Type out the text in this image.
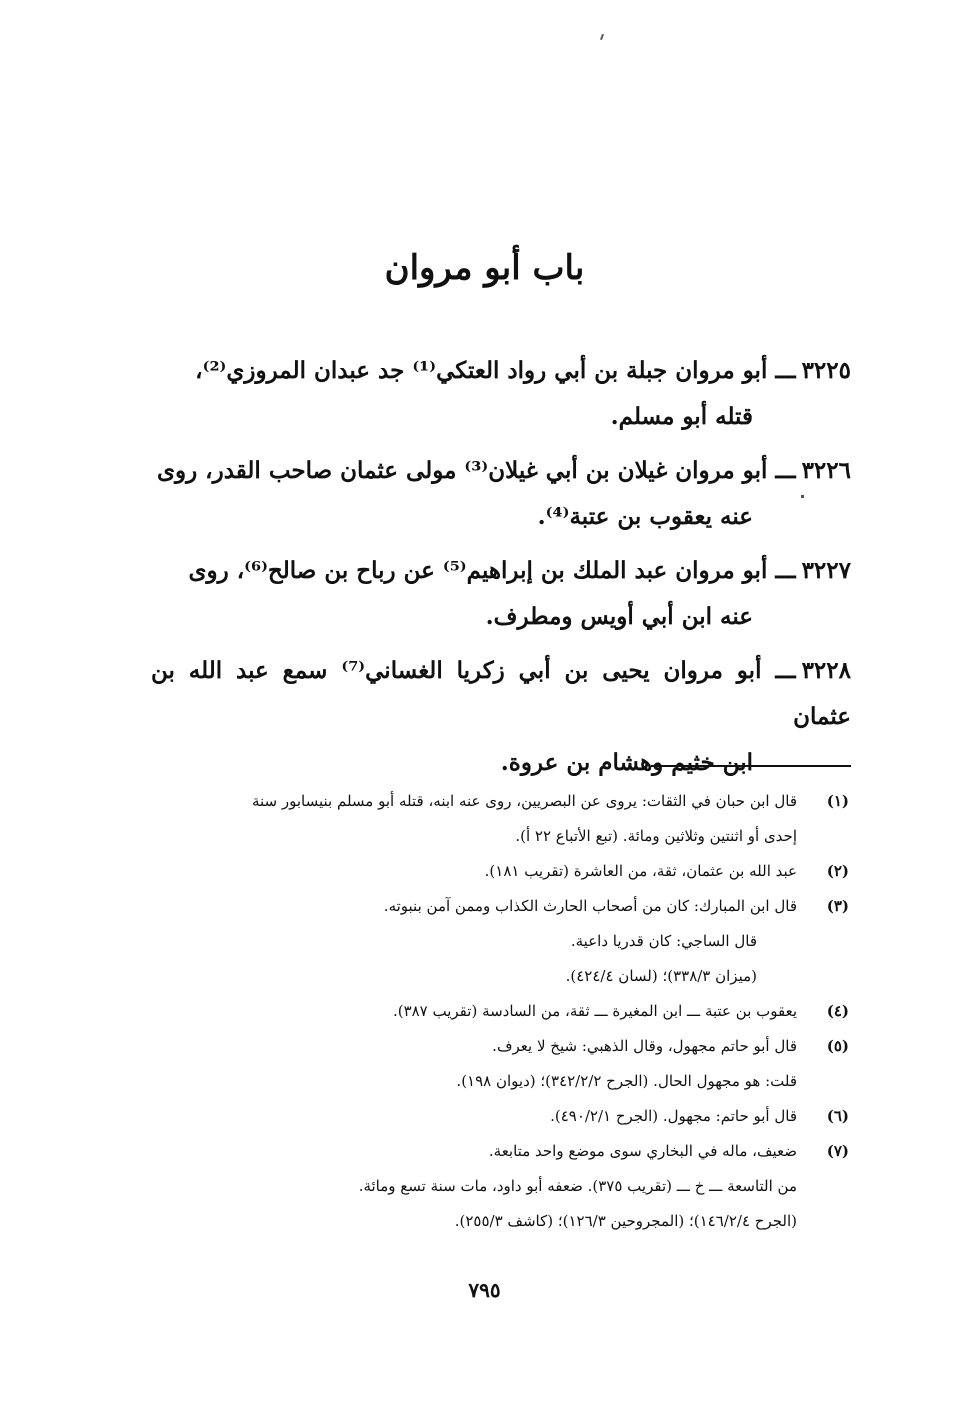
باب أبو مروان
٣٢٢٥ـــ أبو مروان جبلة بن أبي رواد العتكي⁽¹⁾ جد عبدان المروزي⁽²⁾،
قتله أبو مسلم.
٣٢٢٦ـــ أبو مروان غيلان بن أبي غيلان⁽³⁾ مولى عثمان صاحب القدر، روى
عنه يعقوب بن عتبة⁽⁴⁾.
٣٢٢٧ـــ أبو مروان عبد الملك بن إبراهيم⁽⁵⁾ عن رباح بن صالح⁽⁶⁾، روى
عنه ابن أبي أويس ومطرف.
٣٢٢٨ـــ أبو مروان يحيى بن أبي زكريا الغساني⁽⁷⁾ سمع عبد الله بن عثمان
ابن خثيم وهشام بن عروة.
(١)
قال ابن حبان في الثقات: يروى عن البصريين، روى عنه ابنه، قتله أبو مسلم بنيسابور سنة
إحدى أو اثنتين وثلاثين ومائة. (تبع الأتباع ٢٢ أ).
(٢)
عبد الله بن عثمان، ثقة، من العاشرة (تقريب ١٨١).
(٣)
قال ابن المبارك: كان من أصحاب الحارث الكذاب وممن آمن بنبوته.
قال الساجي: كان قدريا داعية.
(ميزان ٣٣٨/٣)؛ (لسان ٤٢٤/٤).
(٤)
يعقوب بن عتبة ـــ ابن المغيرة ـــ ثقة، من السادسة (تقريب ٣٨٧).
(٥)
قال أبو حاتم مجهول، وقال الذهبي: شيخ لا يعرف.
قلت: هو مجهول الحال. (الجرح ٣٤٢/٢/٢)؛ (ديوان ١٩٨).
(٦)
قال أبو حاتم: مجهول. (الجرح ٤٩٠/٢/١).
(٧)
ضعيف، ماله في البخاري سوى موضع واحد متابعة.
من التاسعة ـــ خ ـــ (تقريب ٣٧٥). ضعفه أبو داود، مات سنة تسع ومائة.
(الجرح ١٤٦/٢/٤)؛ (المجروحين ١٢٦/٣)؛ (كاشف ٢٥٥/٣).
٧٩٥
